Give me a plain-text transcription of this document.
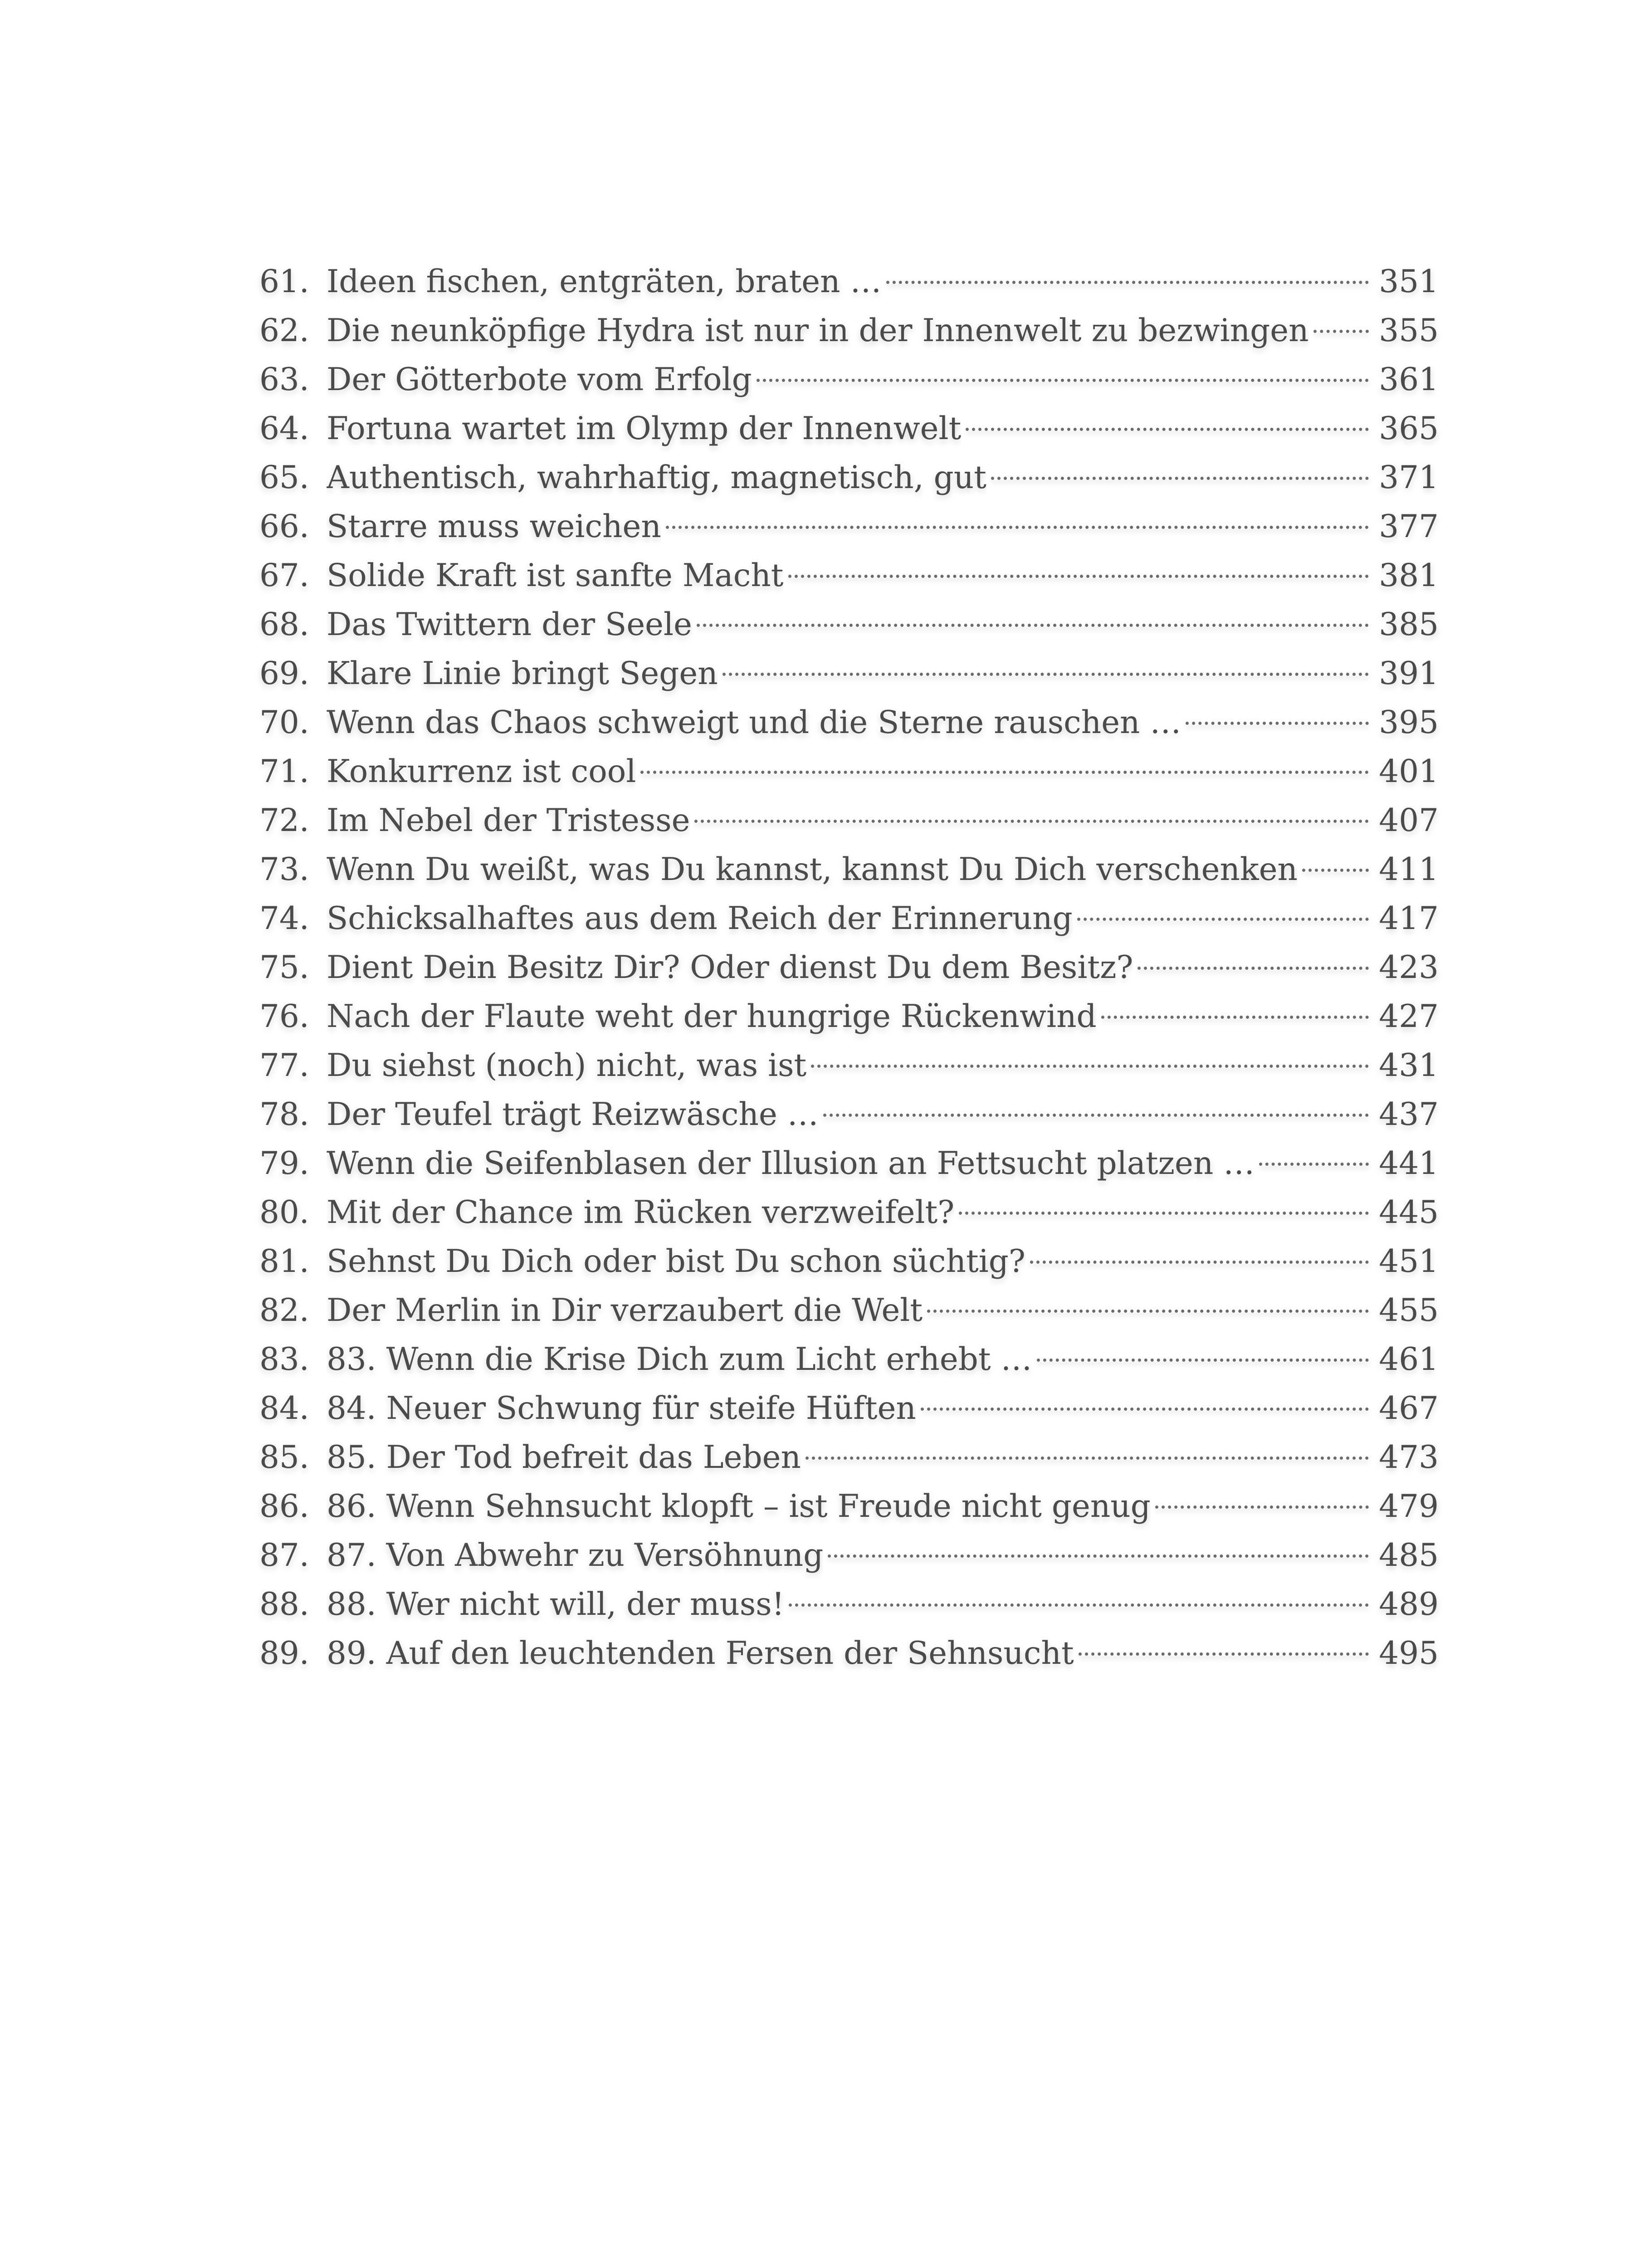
61. Ideen fischen, entgräten, braten …	351
62. Die neunköpfige Hydra ist nur in der Innenwelt zu bezwingen 355
63. Der Götterbote vom Erfolg	361
64. Fortuna wartet im Olymp der Innenwelt	365
65. Authentisch, wahrhaftig, magnetisch, gut	371
66. Starre muss weichen	377
67. Solide Kraft ist sanfte Macht	381
68. Das Twittern der Seele	385
69. Klare Linie bringt Segen	391
70. Wenn das Chaos schweigt und die Sterne rauschen …	395
71. Konkurrenz ist cool	401
72. Im Nebel der Tristesse	407
73. Wenn Du weißt, was Du kannst, kannst Du Dich verschenken	411
74. Schicksalhaftes aus dem Reich der Erinnerung	417
75. Dient Dein Besitz Dir? Oder dienst Du dem Besitz?	423
76. Nach der Flaute weht der hungrige Rückenwind	427
77. Du siehst (noch) nicht, was ist	431
78. Der Teufel trägt Reizwäsche …	437
79. Wenn die Seifenblasen der Illusion an Fettsucht platzen …	441
80. Mit der Chance im Rücken verzweifelt?	445
81. Sehnst Du Dich oder bist Du schon süchtig?	451
82. Der Merlin in Dir verzaubert die Welt	455
83. 83. Wenn die Krise Dich zum Licht erhebt …	461
84. 84. Neuer Schwung für steife Hüften	467
85. 85. Der Tod befreit das Leben	473
86. 86. Wenn Sehnsucht klopft – ist Freude nicht genug	479
87. 87. Von Abwehr zu Versöhnung	485
88. 88. Wer nicht will, der muss!	489
89. 89. Auf den leuchtenden Fersen der Sehnsucht	495
